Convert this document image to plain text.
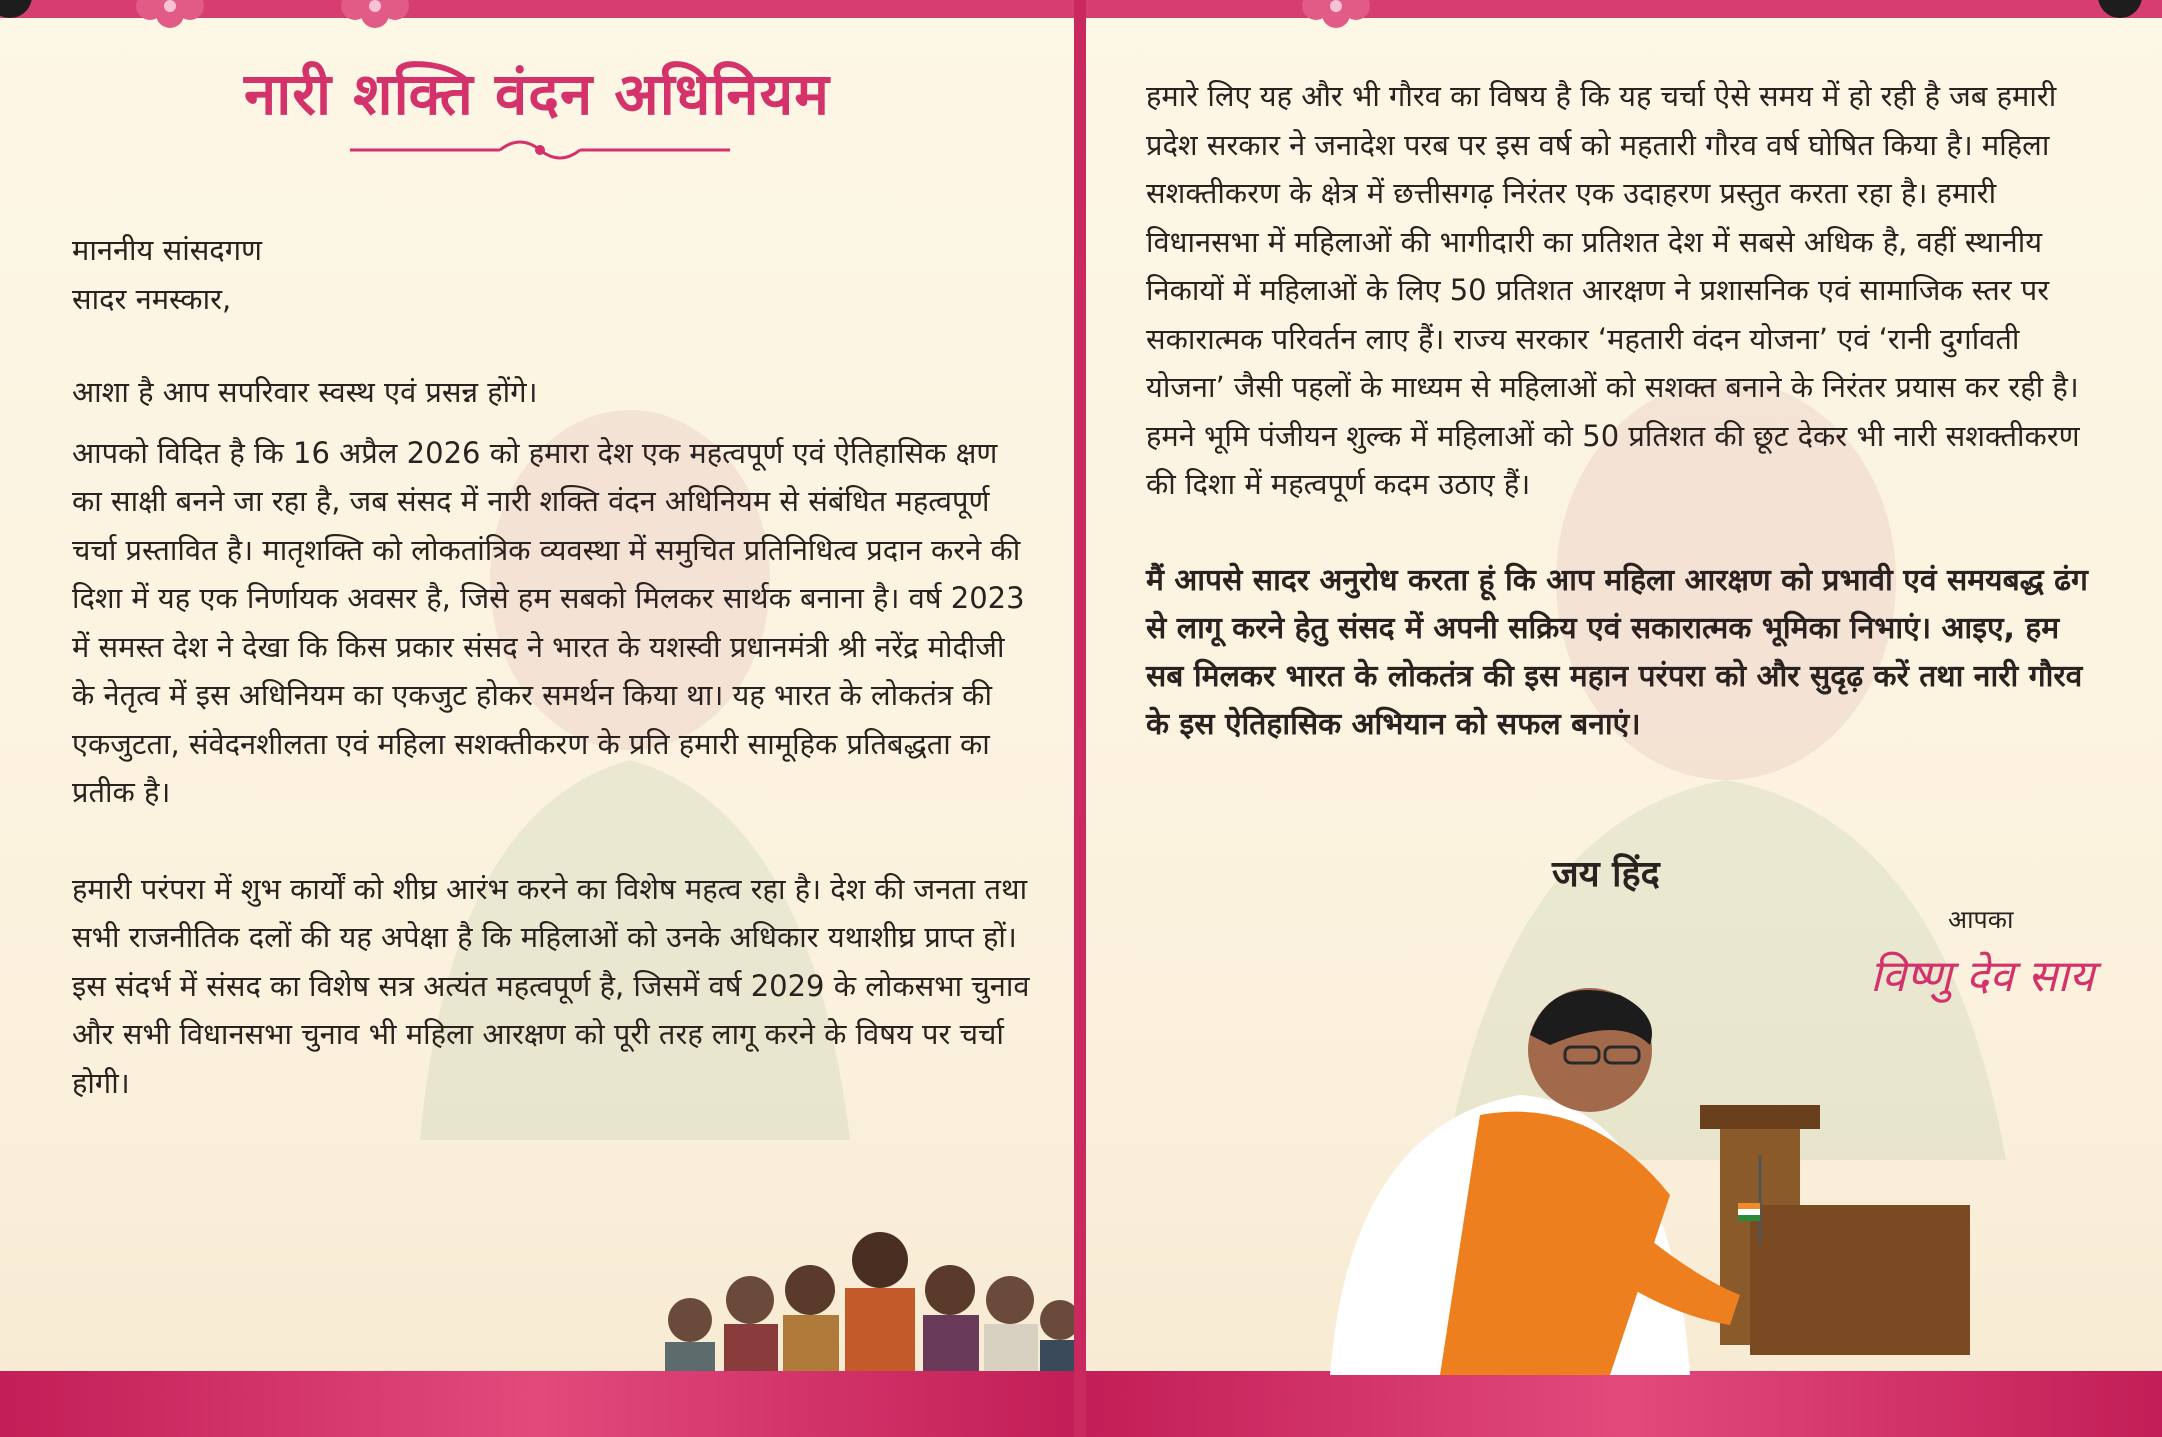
नारी शक्ति वंदन अधिनियम

माननीय सांसदगण

सादर नमस्कार,

आशा है आप सपरिवार स्वस्थ एवं प्रसन्न होंगे।

आपको विदित है कि 16 अप्रैल 2026 को हमारा देश एक महत्वपूर्ण एवं ऐतिहासिक क्षण का साक्षी बनने जा रहा है, जब संसद में नारी शक्ति वंदन अधिनियम से संबंधित महत्वपूर्ण चर्चा प्रस्तावित है। मातृशक्ति को लोकतांत्रिक व्यवस्था में समुचित प्रतिनिधित्व प्रदान करने की दिशा में यह एक निर्णायक अवसर है, जिसे हम सबको मिलकर सार्थक बनाना है। वर्ष 2023 में समस्त देश ने देखा कि किस प्रकार संसद ने भारत के यशस्वी प्रधानमंत्री श्री नरेंद्र मोदीजी के नेतृत्व में इस अधिनियम का एकजुट होकर समर्थन किया था। यह भारत के लोकतंत्र की एकजुटता, संवेदनशीलता एवं महिला सशक्तीकरण के प्रति हमारी सामूहिक प्रतिबद्धता का प्रतीक है।

हमारी परंपरा में शुभ कार्यों को शीघ्र आरंभ करने का विशेष महत्व रहा है। देश की जनता तथा सभी राजनीतिक दलों की यह अपेक्षा है कि महिलाओं को उनके अधिकार यथाशीघ्र प्राप्त हों। इस संदर्भ में संसद का विशेष सत्र अत्यंत महत्वपूर्ण है, जिसमें वर्ष 2029 के लोकसभा चुनाव और सभी विधानसभा चुनाव भी महिला आरक्षण को पूरी तरह लागू करने के विषय पर चर्चा होगी।

हमारे लिए यह और भी गौरव का विषय है कि यह चर्चा ऐसे समय में हो रही है जब हमारी प्रदेश सरकार ने जनादेश परब पर इस वर्ष को महतारी गौरव वर्ष घोषित किया है। महिला सशक्तीकरण के क्षेत्र में छत्तीसगढ़ निरंतर एक उदाहरण प्रस्तुत करता रहा है। हमारी विधानसभा में महिलाओं की भागीदारी का प्रतिशत देश में सबसे अधिक है, वहीं स्थानीय निकायों में महिलाओं के लिए 50 प्रतिशत आरक्षण ने प्रशासनिक एवं सामाजिक स्तर पर सकारात्मक परिवर्तन लाए हैं। राज्य सरकार ‘महतारी वंदन योजना’ एवं ‘रानी दुर्गावती योजना’ जैसी पहलों के माध्यम से महिलाओं को सशक्त बनाने के निरंतर प्रयास कर रही है। हमने भूमि पंजीयन शुल्क में महिलाओं को 50 प्रतिशत की छूट देकर भी नारी सशक्तीकरण की दिशा में महत्वपूर्ण कदम उठाए हैं।

मैं आपसे सादर अनुरोध करता हूं कि आप महिला आरक्षण को प्रभावी एवं समयबद्ध ढंग से लागू करने हेतु संसद में अपनी सक्रिय एवं सकारात्मक भूमिका निभाएं। आइए, हम सब मिलकर भारत के लोकतंत्र की इस महान परंपरा को और सुदृढ़ करें तथा नारी गौरव के इस ऐतिहासिक अभियान को सफल बनाएं।

जय हिंद
आपका
विष्णु देव साय
